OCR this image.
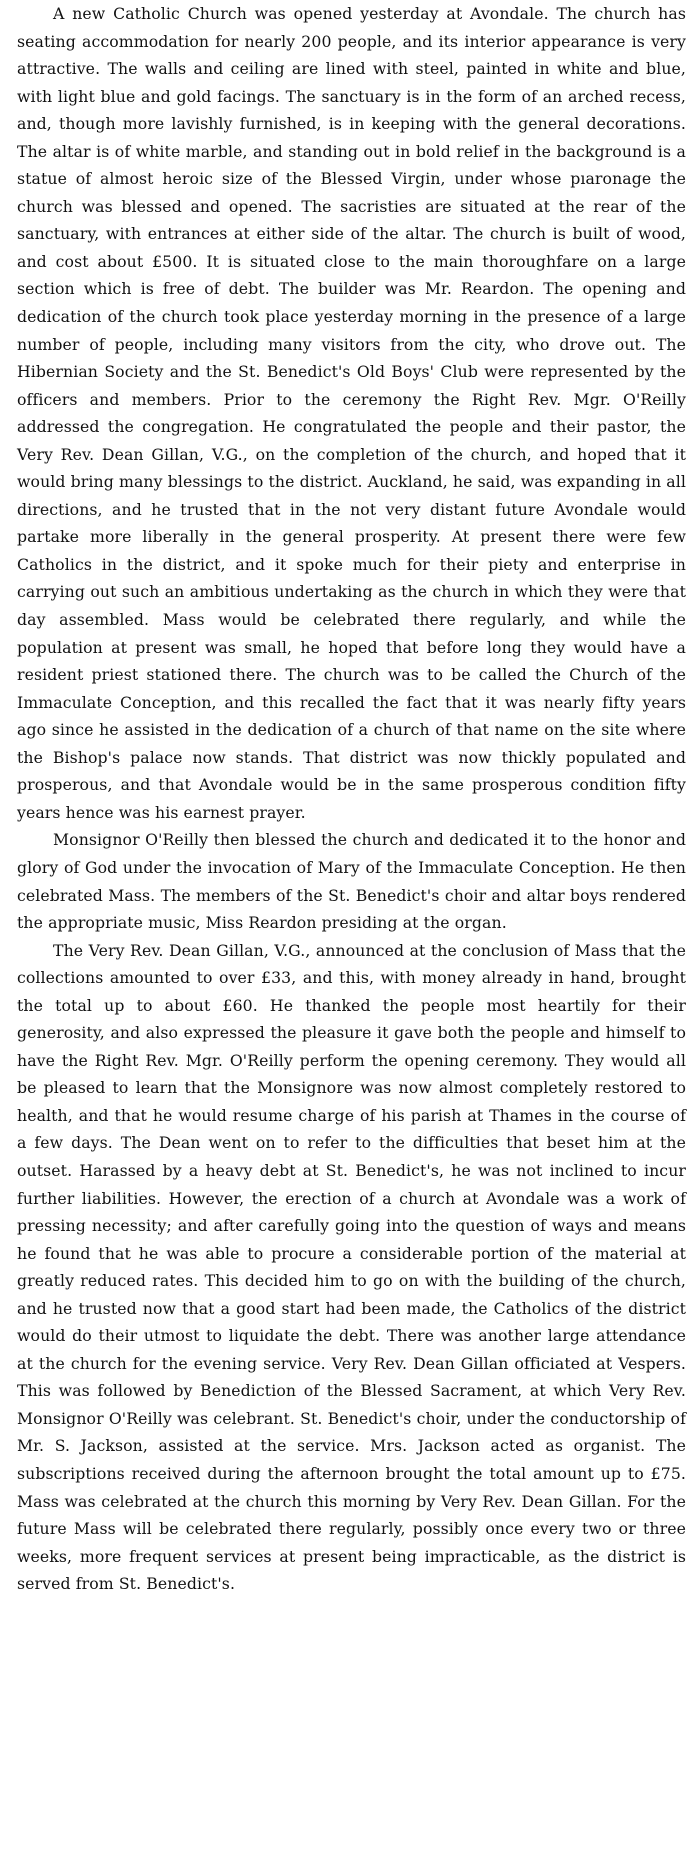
A new Catholic Church was opened yesterday at Avondale. The church has seating accommodation for nearly 200 people, and its interior appearance is very attractive. The walls and ceiling are lined with steel, painted in white and blue, with light blue and gold facings. The sanctuary is in the form of an arched recess, and, though more lavishly furnished, is in keeping with the general decorations. The altar is of white marble, and standing out in bold relief in the background is a statue of almost heroic size of the Blessed Virgin, under whose pıaronage the church was blessed and opened. The sacristies are situated at the rear of the sanctuary, with entrances at either side of the altar. The church is built of wood, and cost about £500. It is situated close to the main thoroughfare on a large section which is free of debt. The builder was Mr. Reardon. The opening and dedication of the church took place yesterday morning in the presence of a large number of people, including many visitors from the city, who drove out. The Hibernian Society and the St. Benedict's Old Boys' Club were represented by the officers and members. Prior to the ceremony the Right Rev. Mgr. O'Reilly addressed the congregation. He congratulated the people and their pastor, the Very Rev. Dean Gillan, V.G., on the completion of the church, and hoped that it would bring many blessings to the district. Auckland, he said, was expanding in all directions, and he trusted that in the not very distant future Avondale would partake more liberally in the general prosperity. At present there were few Catholics in the district, and it spoke much for their piety and enterprise in carrying out such an ambitious undertaking as the church in which they were that day assembled. Mass would be celebrated there regularly, and while the population at present was small, he hoped that before long they would have a resident priest stationed there. The church was to be called the Church of the Immaculate Conception, and this recalled the fact that it was nearly fifty years ago since he assisted in the dedication of a church of that name on the site where the Bishop's palace now stands. That district was now thickly populated and prosperous, and that Avondale would be in the same prosperous condition fifty years hence was his earnest prayer.

Monsignor O'Reilly then blessed the church and dedicated it to the honor and glory of God under the invocation of Mary of the Immaculate Conception. He then celebrated Mass. The members of the St. Benedict's choir and altar boys rendered the appropriate music, Miss Reardon presiding at the organ.

The Very Rev. Dean Gillan, V.G., announced at the conclusion of Mass that the collections amounted to over £33, and this, with money already in hand, brought the total up to about £60. He thanked the people most heartily for their generosity, and also expressed the pleasure it gave both the people and himself to have the Right Rev. Mgr. O'Reilly perform the opening ceremony. They would all be pleased to learn that the Monsignore was now almost completely restored to health, and that he would resume charge of his parish at Thames in the course of a few days. The Dean went on to refer to the difficulties that beset him at the outset. Harassed by a heavy debt at St. Benedict's, he was not inclined to incur further liabilities. However, the erection of a church at Avondale was a work of pressing necessity; and after carefully going into the question of ways and means he found that he was able to procure a considerable portion of the material at greatly reduced rates. This decided him to go on with the building of the church, and he trusted now that a good start had been made, the Catholics of the district would do their utmost to liquidate the debt. There was another large attendance at the church for the evening service. Very Rev. Dean Gillan officiated at Vespers. This was followed by Benediction of the Blessed Sacrament, at which Very Rev. Monsignor O'Reilly was celebrant. St. Benedict's choir, under the conductorship of Mr. S. Jackson, assisted at the service. Mrs. Jackson acted as organist. The subscriptions received during the afternoon brought the total amount up to £75. Mass was celebrated at the church this morning by Very Rev. Dean Gillan. For the future Mass will be celebrated there regularly, possibly once every two or three weeks, more frequent services at present being impracticable, as the district is served from St. Benedict's.
